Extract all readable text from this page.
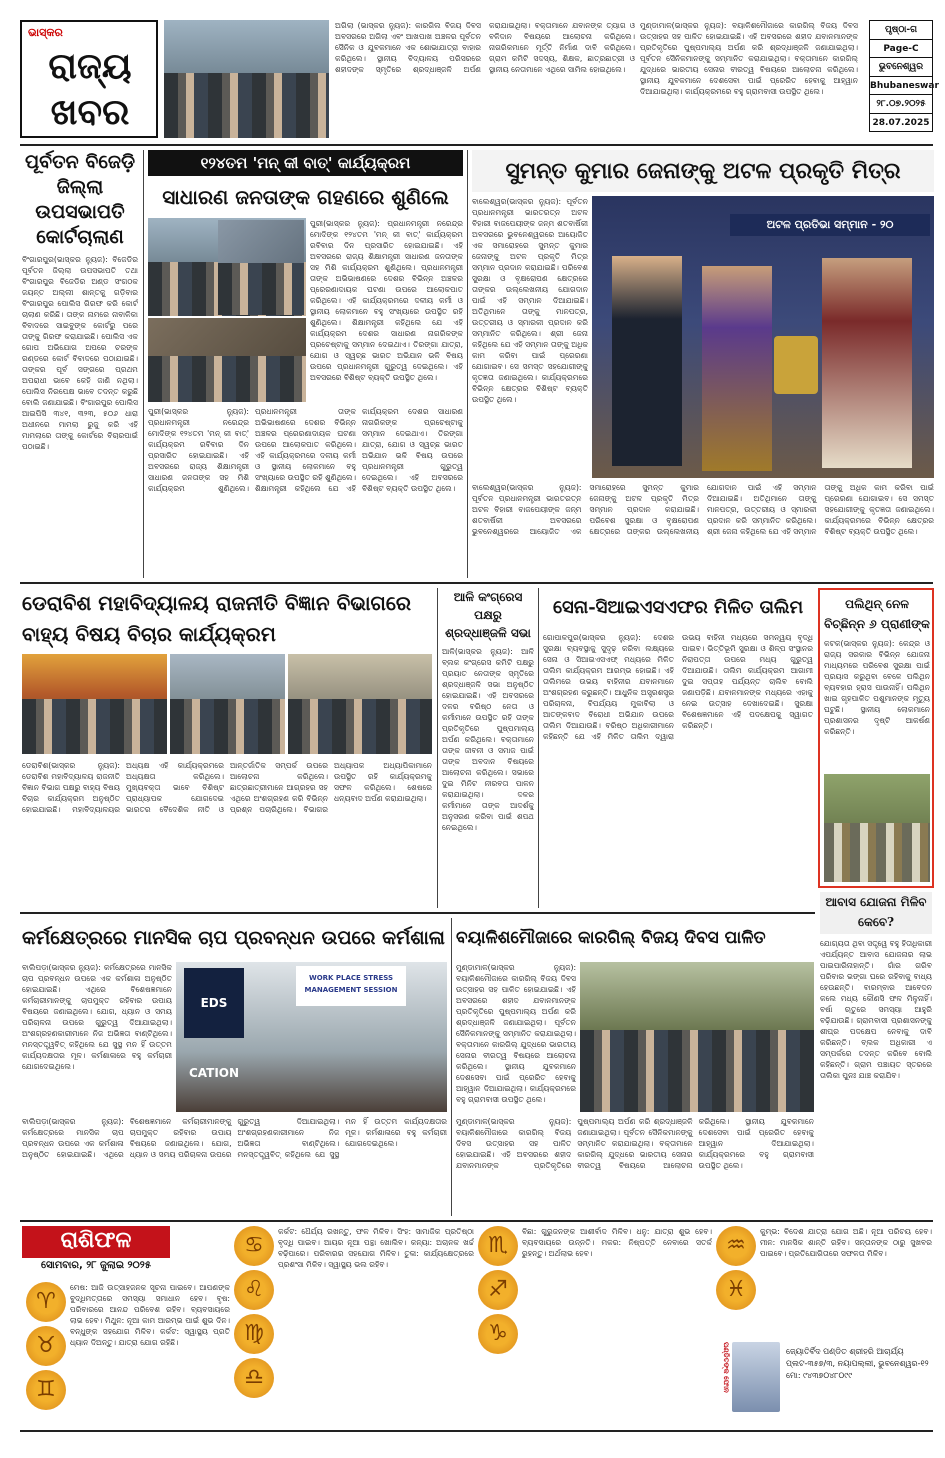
ଭାସ୍କର
ରାଜ୍ୟ
ଖବର
ଅଗିଲା (ଭାସ୍କର ନ୍ୟୁଜ): କାରଗିଲ ବିଜୟ ଦିବସ ଅବସରରେ ଅଗିଲା ଏବଂ ଆଖପାଖ ଅଞ୍ଚଳର ପୂର୍ବତନ ସୈନିକ ଓ ଯୁବକମାନେ ଏକ ଶୋଭାଯାତ୍ରା ବାହାର କରିଥିଲେ। ସ୍ଥାନୀୟ ବିଦ୍ୟାଳୟ ପରିସରରେ ଶହୀଦଙ୍କ ସ୍ମୃତିରେ ଶ୍ରଦ୍ଧାଞ୍ଜଳି ଅର୍ପଣ କରାଯାଇଥିଲା। ବକ୍ତାମାନେ ଯବାନଙ୍କ ତ୍ୟାଗ ଓ ବଳିଦାନ ବିଷୟରେ ଆଲୋଚନା କରିଥିଲେ। ନାଗରିକମାନେ ମୂର୍ତ୍ତି ନିର୍ମାଣ ଦାବି କରିଥିଲେ। ଗ୍ରାମ କମିଟି ସଦସ୍ୟ, ଶିକ୍ଷକ, ଛାତ୍ରଛାତ୍ରୀ ଓ ସ୍ଥାନୀୟ ନେତାମାନେ ଏଥିରେ ସାମିଲ ହୋଇଥିଲେ।
ମୁଣ୍ଡାମାଳ(ଭାସ୍କର ନ୍ୟୁଜ): ବୟାଳିଶମୌଜାରେ କାରଗିଲ୍ ବିଜୟ ଦିବସ ଉତ୍ସାହର ସହ ପାଳିତ ହୋଇଯାଇଛି। ଏହି ଅବସରରେ ଶହୀଦ ଯବାନମାନଙ୍କ ପ୍ରତିକୃତିରେ ପୁଷ୍ପମାଲ୍ୟ ଅର୍ପଣ କରି ଶ୍ରଦ୍ଧାଞ୍ଜଳି ଜଣାଯାଇଥିଲା। ପୂର୍ବତନ ସୈନିକମାନଙ୍କୁ ସମ୍ମାନିତ କରାଯାଇଥିଲା। ବକ୍ତାମାନେ କାରଗିଲ୍ ଯୁଦ୍ଧରେ ଭାରତୀୟ ସେନାର ବୀରତ୍ୱ ବିଷୟରେ ଆଲୋଚନା କରିଥିଲେ। ସ୍ଥାନୀୟ ଯୁବକମାନେ ଦେଶସେବା ପାଇଁ ପ୍ରେରିତ ହେବାକୁ ଆହ୍ୱାନ ଦିଆଯାଇଥିଲା। କାର୍ଯ୍ୟକ୍ରମରେ ବହୁ ଗ୍ରାମବାସୀ ଉପସ୍ଥିତ ଥିଲେ।
ପୃଷ୍ଠା-ଗ
Page-C
ଭୁବନେଶ୍ୱର
Bhubaneswar
୨୮.୦୭.୨୦୨୫
28.07.2025
ପୂର୍ବତନ ବିଜେଡ଼ି ଜିଲ୍ଲା ଉପସଭାପତି କୋର୍ଟଚାଲାଣ
ବିଂଗାରପୁର(ଭାସ୍କର ନ୍ୟୁଜ): ବିଜେଡିର ପୂର୍ବତନ ଜିଲ୍ଲା ଉପସଭାପତି ତଥା ବିଂଗାରପୁର ବିଜେଡିର ଅଣ୍ଡ ସଂଗଠକ ଜୟନ୍ତ ଅଲ୍ଲୀ ଶାନ୍ତକୁ ଗଡ଼ିବାର ବିଂଗାରପୁର ପୋଲିସ ଗିରଫ କରି କୋର୍ଟ ଚାଲାଣ କରିଛି। ତାଙ୍କ ନାମରେ ନାବାଳିକା ବିବାଦରେ ସାଇବୁଙ୍କ କୋର୍ଟରୁ ପରେ ତାଙ୍କୁ ଗିରଫ କରାଯାଇଛି। ପୋଲିସ ଏକ ଗୋପ ଅଭିଯୋଗ ଅପରେ ଚରଙ୍କ ରଣ୍ଡରେ କୋର୍ଟ ବିବାଦରେ ପଠାଯାଇଛି। ତାଙ୍କର ପୂର୍ବ ସଙ୍ଗରେ ପ୍ରଥମ ଅପରାଧୀ ଭାବେ କେହି ଜାଣି ନଥିଲା। ପୋଲିସ ନିରପେକ୍ଷ ଭାବେ ତଦନ୍ତ କରୁଛି ବୋଲି ଜଣାଯାଇଛି। ବିଂଗାରପୁର ପୋଲିସ ଆଇପିସି ୩୪୧, ୩୨୩, ୫୦୬ ଧାରା ଅଧୀନରେ ମାମଲା ରୁଜୁ କରି ଏହି ମାମଲାରେ ତାଙ୍କୁ କୋର୍ଟରେ ବିଚାରପାଇଁ ପଠାଇଛି।
୧୨୪ତମ 'ମନ୍ କୀ ବାତ୍' କାର୍ଯ୍ୟକ୍ରମ
ସାଧାରଣ ଜନତାଙ୍କ ଗହଣରେ ଶୁଣିଲେ
ପୁରୀ(ଭାସ୍କର ନ୍ୟୁଜ): ପ୍ରଧାନମନ୍ତ୍ରୀ ନରେନ୍ଦ୍ର ମୋଦିଙ୍କ ୧୨୪ତମ 'ମନ୍ କୀ ବାତ୍' କାର୍ଯ୍ୟକ୍ରମ ରବିବାର ଦିନ ପ୍ରସାରିତ ହୋଇଯାଇଛି। ଏହି ଅବସରରେ ରାଜ୍ୟ ଶିକ୍ଷାମନ୍ତ୍ରୀ ସାଧାରଣ ଜନତାଙ୍କ ସହ ମିଶି କାର୍ଯ୍ୟକ୍ରମ ଶୁଣିଥିଲେ। ପ୍ରଧାନମନ୍ତ୍ରୀ ତାଙ୍କ ଅଭିଭାଷଣରେ ଦେଶର ବିଭିନ୍ନ ଅଞ୍ଚଳର ପ୍ରେରଣାଦାୟକ ଘଟଣା ଉପରେ ଆଲୋକପାତ କରିଥିଲେ। ଏହି କାର୍ଯ୍ୟକ୍ରମରେ ଦଳୀୟ କର୍ମୀ ଓ ସ୍ଥାନୀୟ ଲୋକମାନେ ବହୁ ସଂଖ୍ୟାରେ ଉପସ୍ଥିତ ରହି ଶୁଣିଥିଲେ। ଶିକ୍ଷାମନ୍ତ୍ରୀ କହିଥିଲେ ଯେ ଏହି କାର୍ଯ୍ୟକ୍ରମ ଦେଶର ସାଧାରଣ ନାଗରିକଙ୍କ ପ୍ରଚେଷ୍ଟାକୁ ସମ୍ମାନ ଦେଇଥାଏ। ତିରଙ୍ଗା ଯାତ୍ରା, ଯୋଗ ଓ ସ୍ୱଚ୍ଛ ଭାରତ ଅଭିଯାନ ଭଳି ବିଷୟ ଉପରେ ପ୍ରଧାନମନ୍ତ୍ରୀ ଗୁରୁତ୍ୱ ଦେଇଥିଲେ। ଏହି ଅବସରରେ ବିଶିଷ୍ଟ ବ୍ୟକ୍ତି ଉପସ୍ଥିତ ଥିଲେ।
ପୁରୀ(ଭାସ୍କର ନ୍ୟୁଜ): ପ୍ରଧାନମନ୍ତ୍ରୀ ନରେନ୍ଦ୍ର ମୋଦିଙ୍କ ୧୨୪ତମ 'ମନ୍ କୀ ବାତ୍' କାର୍ଯ୍ୟକ୍ରମ ରବିବାର ଦିନ ପ୍ରସାରିତ ହୋଇଯାଇଛି। ଏହି ଅବସରରେ ରାଜ୍ୟ ଶିକ୍ଷାମନ୍ତ୍ରୀ ସାଧାରଣ ଜନତାଙ୍କ ସହ ମିଶି କାର୍ଯ୍ୟକ୍ରମ ଶୁଣିଥିଲେ। ପ୍ରଧାନମନ୍ତ୍ରୀ ତାଙ୍କ ଅଭିଭାଷଣରେ ଦେଶର ବିଭିନ୍ନ ଅଞ୍ଚଳର ପ୍ରେରଣାଦାୟକ ଘଟଣା ଉପରେ ଆଲୋକପାତ କରିଥିଲେ। ଏହି କାର୍ଯ୍ୟକ୍ରମରେ ଦଳୀୟ କର୍ମୀ ଓ ସ୍ଥାନୀୟ ଲୋକମାନେ ବହୁ ସଂଖ୍ୟାରେ ଉପସ୍ଥିତ ରହି ଶୁଣିଥିଲେ। ଶିକ୍ଷାମନ୍ତ୍ରୀ କହିଥିଲେ ଯେ ଏହି କାର୍ଯ୍ୟକ୍ରମ ଦେଶର ସାଧାରଣ ନାଗରିକଙ୍କ ପ୍ରଚେଷ୍ଟାକୁ ସମ୍ମାନ ଦେଇଥାଏ। ତିରଙ୍ଗା ଯାତ୍ରା, ଯୋଗ ଓ ସ୍ୱଚ୍ଛ ଭାରତ ଅଭିଯାନ ଭଳି ବିଷୟ ଉପରେ ପ୍ରଧାନମନ୍ତ୍ରୀ ଗୁରୁତ୍ୱ ଦେଇଥିଲେ। ଏହି ଅବସରରେ ବିଶିଷ୍ଟ ବ୍ୟକ୍ତି ଉପସ୍ଥିତ ଥିଲେ।
ସୁମନ୍ତ କୁମାର ଜେନାଙ୍କୁ ଅଟଳ ପ୍ରକୃତି ମିତ୍ର
ବାଲେଶ୍ୱର(ଭାସ୍କର ନ୍ୟୁଜ): ପୂର୍ବତନ ପ୍ରଧାନମନ୍ତ୍ରୀ ଭାରତରତ୍ନ ଅଟଳ ବିହାରୀ ବାଜପେୟୀଙ୍କ ଜନ୍ମ ଶତବାର୍ଷିକୀ ଅବସରରେ ଭୁବନେଶ୍ୱରରେ ଆୟୋଜିତ ଏକ ସମାରୋହରେ ସୁମନ୍ତ କୁମାର ଜେନାଙ୍କୁ ଅଟଳ ପ୍ରକୃତି ମିତ୍ର ସମ୍ମାନ ପ୍ରଦାନ କରାଯାଇଛି। ପରିବେଶ ସୁରକ୍ଷା ଓ ବୃକ୍ଷରୋପଣ କ୍ଷେତ୍ରରେ ତାଙ୍କର ଉଲ୍ଲେଖନୀୟ ଯୋଗଦାନ ପାଇଁ ଏହି ସମ୍ମାନ ଦିଆଯାଇଛି। ଅତିଥିମାନେ ତାଙ୍କୁ ମାନପତ୍ର, ଉତ୍ତରୀୟ ଓ ସ୍ମାରକୀ ପ୍ରଦାନ କରି ସମ୍ମାନିତ କରିଥିଲେ। ଶ୍ରୀ ଜେନା କହିଥିଲେ ଯେ ଏହି ସମ୍ମାନ ତାଙ୍କୁ ଅଧିକ କାମ କରିବା ପାଇଁ ପ୍ରେରଣା ଯୋଗାଇବ। ସେ ସମସ୍ତ ସହଯୋଗୀଙ୍କୁ କୃତଜ୍ଞତା ଜଣାଇଥିଲେ। କାର୍ଯ୍ୟକ୍ରମରେ ବିଭିନ୍ନ କ୍ଷେତ୍ରର ବିଶିଷ୍ଟ ବ୍ୟକ୍ତି ଉପସ୍ଥିତ ଥିଲେ।
ଅଟଳ ପ୍ରତିଭା ସମ୍ମାନ - ୨୦
ବାଲେଶ୍ୱର(ଭାସ୍କର ନ୍ୟୁଜ): ପୂର୍ବତନ ପ୍ରଧାନମନ୍ତ୍ରୀ ଭାରତରତ୍ନ ଅଟଳ ବିହାରୀ ବାଜପେୟୀଙ୍କ ଜନ୍ମ ଶତବାର୍ଷିକୀ ଅବସରରେ ଭୁବନେଶ୍ୱରରେ ଆୟୋଜିତ ଏକ ସମାରୋହରେ ସୁମନ୍ତ କୁମାର ଜେନାଙ୍କୁ ଅଟଳ ପ୍ରକୃତି ମିତ୍ର ସମ୍ମାନ ପ୍ରଦାନ କରାଯାଇଛି। ପରିବେଶ ସୁରକ୍ଷା ଓ ବୃକ୍ଷରୋପଣ କ୍ଷେତ୍ରରେ ତାଙ୍କର ଉଲ୍ଲେଖନୀୟ ଯୋଗଦାନ ପାଇଁ ଏହି ସମ୍ମାନ ଦିଆଯାଇଛି। ଅତିଥିମାନେ ତାଙ୍କୁ ମାନପତ୍ର, ଉତ୍ତରୀୟ ଓ ସ୍ମାରକୀ ପ୍ରଦାନ କରି ସମ୍ମାନିତ କରିଥିଲେ। ଶ୍ରୀ ଜେନା କହିଥିଲେ ଯେ ଏହି ସମ୍ମାନ ତାଙ୍କୁ ଅଧିକ କାମ କରିବା ପାଇଁ ପ୍ରେରଣା ଯୋଗାଇବ। ସେ ସମସ୍ତ ସହଯୋଗୀଙ୍କୁ କୃତଜ୍ଞତା ଜଣାଇଥିଲେ। କାର୍ଯ୍ୟକ୍ରମରେ ବିଭିନ୍ନ କ୍ଷେତ୍ରର ବିଶିଷ୍ଟ ବ୍ୟକ୍ତି ଉପସ୍ଥିତ ଥିଲେ।
ଡେରାବିଶ ମହାବିଦ୍ୟାଳୟ ରାଜନୀତି ବିଜ୍ଞାନ ବିଭାଗରେ ବାହ୍ୟ ବିଷୟ ବିଚାର କାର୍ଯ୍ୟକ୍ରମ
ଡେରାବିଶ(ଭାସ୍କର ନ୍ୟୁଜ): ଡେରାବିଶ ମହାବିଦ୍ୟାଳୟ ରାଜନୀତି ବିଜ୍ଞାନ ବିଭାଗ ପକ୍ଷରୁ ବାହ୍ୟ ବିଷୟ ବିଚାର କାର୍ଯ୍ୟକ୍ରମ ଅନୁଷ୍ଠିତ ହୋଇଯାଇଛି। ମହାବିଦ୍ୟାଳୟର ଅଧ୍ୟକ୍ଷ ଏହି କାର୍ଯ୍ୟକ୍ରମରେ ଅଧ୍ୟକ୍ଷତା କରିଥିଲେ। ମୁଖ୍ୟବକ୍ତା ଭାବେ ବିଶିଷ୍ଟ ପ୍ରାଧ୍ୟାପକ ଯୋଗଦେଇ ଭାରତର ବୈଦେଶିକ ନୀତି ଓ ଆନ୍ତର୍ଜାତିକ ସମ୍ପର୍କ ଉପରେ ଆଲୋଚନା କରିଥିଲେ। ଛାତ୍ରଛାତ୍ରୀମାନେ ଆଗ୍ରହର ସହ ଏଥିରେ ଅଂଶଗ୍ରହଣ କରି ବିଭିନ୍ନ ପ୍ରଶ୍ନ ପଚାରିଥିଲେ। ବିଭାଗର ଅଧ୍ୟାପକ ଅଧ୍ୟାପିକାମାନେ ଉପସ୍ଥିତ ରହି କାର୍ଯ୍ୟକ୍ରମକୁ ସଫଳ କରିଥିଲେ। ଶେଷରେ ଧନ୍ୟବାଦ ଅର୍ପଣ କରାଯାଇଥିଲା।
ଆଳି କଂଗ୍ରେସ ପକ୍ଷରୁ ଶ୍ରଦ୍ଧାଞ୍ଜଳି ସଭା
ଆଳି(ଭାସ୍କର ନ୍ୟୁଜ): ଆଳି ବ୍ଲକ କଂଗ୍ରେସ କମିଟି ପକ୍ଷରୁ ପ୍ରୟାତ ନେତାଙ୍କ ସ୍ମୃତିରେ ଶ୍ରଦ୍ଧାଞ୍ଜଳି ସଭା ଅନୁଷ୍ଠିତ ହୋଇଯାଇଛି। ଏହି ଅବସରରେ ଦଳର ବରିଷ୍ଠ ନେତା ଓ କର୍ମୀମାନେ ଉପସ୍ଥିତ ରହି ତାଙ୍କ ପ୍ରତିକୃତିରେ ପୁଷ୍ପମାଲ୍ୟ ଅର୍ପଣ କରିଥିଲେ। ବକ୍ତାମାନେ ତାଙ୍କ ଜୀବନୀ ଓ ସମାଜ ପାଇଁ ତାଙ୍କ ଅବଦାନ ବିଷୟରେ ଆଲୋଚନା କରିଥିଲେ। ସଭାରେ ଦୁଇ ମିନିଟ ନୀରବତା ପାଳନ କରାଯାଇଥିଲା। ଦଳର କର୍ମୀମାନେ ତାଙ୍କ ଆଦର୍ଶକୁ ଅନୁସରଣ କରିବା ପାଇଁ ଶପଥ ନେଇଥିଲେ।
ସେନା-ସିଆଇଏସଏଫର ମିଳିତ ତାଲିମ
ଗୋପାଳପୁର(ଭାସ୍କର ନ୍ୟୁଜ): ଦେଶର ସୁରକ୍ଷା ବ୍ୟବସ୍ଥାକୁ ସୁଦୃଢ଼ କରିବା ଲକ୍ଷ୍ୟରେ ସେନା ଓ ସିଆଇଏସଏଫ୍ ମଧ୍ୟରେ ମିଳିତ ତାଲିମ କାର୍ଯ୍ୟକ୍ରମ ଆରମ୍ଭ ହୋଇଛି। ଏହି ତାଲିମରେ ଉଭୟ ବାହିନୀର ଯବାନମାନେ ଅଂଶଗ୍ରହଣ କରୁଛନ୍ତି। ଆଧୁନିକ ଅସ୍ତ୍ରଶସ୍ତ୍ର ପରିଚାଳନା, ବିପର୍ଯ୍ୟୟ ମୁକାବିଲା ଓ ଆତଙ୍କବାଦ ବିରୋଧୀ ଅଭିଯାନ ଉପରେ ତାଲିମ ଦିଆଯାଉଛି। ବରିଷ୍ଠ ଅଧିକାରୀମାନେ କହିଛନ୍ତି ଯେ ଏହି ମିଳିତ ତାଲିମ ଦ୍ୱାରା ଉଭୟ ବାହିନୀ ମଧ୍ୟରେ ସମନ୍ୱୟ ବୃଦ୍ଧି ପାଇବ। ଭିତ୍ତିଭୂମି ସୁରକ୍ଷା ଓ ଶିଳ୍ପ ସଂସ୍ଥାନର ନିରାପତ୍ତା ଉପରେ ମଧ୍ୟ ଗୁରୁତ୍ୱ ଦିଆଯାଉଛି। ତାଲିମ କାର୍ଯ୍ୟକ୍ରମ ଆଗାମୀ ଦୁଇ ସପ୍ତାହ ପର୍ଯ୍ୟନ୍ତ ଚାଲିବ ବୋଲି ଜଣାପଡ଼ିଛି। ଯବାନମାନଙ୍କ ମଧ୍ୟରେ ଏହାକୁ ନେଇ ଉତ୍ସାହ ଦେଖାଦେଇଛି। ସୁରକ୍ଷା ବିଶେଷଜ୍ଞମାନେ ଏହି ପଦକ୍ଷେପକୁ ସ୍ୱାଗତ କରିଛନ୍ତି।
ପଲିଥିନ୍ ନେଳ ବିଚ୍ଛିନ୍ନ ୬ ପ୍ରାଣୀଙ୍କ
କଟକ(ଭାସ୍କର ନ୍ୟୁଜ): କେନ୍ଦ୍ର ଓ ରାଜ୍ୟ ସରକାର ବିଭିନ୍ନ ଯୋଜନା ମାଧ୍ୟମରେ ପରିବେଶ ସୁରକ୍ଷା ପାଇଁ ପ୍ରୟାସ କରୁଥିବା ବେଳେ ପଲିଥିନ ବ୍ୟବହାର ହ୍ରାସ ପାଉନାହିଁ। ପଲିଥିନ ଖାଇ ଗୃହପାଳିତ ପଶୁମାନଙ୍କ ମୃତ୍ୟୁ ଘଟୁଛି। ସ୍ଥାନୀୟ ଲୋକମାନେ ପ୍ରଶାସନର ଦୃଷ୍ଟି ଆକର୍ଷଣ କରିଛନ୍ତି।
ଆବାସ ଯୋଜନା ମିଳିବ କେବେ?
ଯୋଗ୍ୟତା ଥିବା ସତ୍ତ୍ୱେ ବହୁ ହିତାଧିକାରୀ ଏପର୍ଯ୍ୟନ୍ତ ଆବାସ ଯୋଜନାର ଲାଭ ପାଇପାରିନାହାନ୍ତି। ଗାଁର ଗରିବ ପରିବାର ଭଙ୍ଗା ଘରେ ରହିବାକୁ ବାଧ୍ୟ ହେଉଛନ୍ତି। ବାରମ୍ବାର ଆବେଦନ କଲେ ମଧ୍ୟ କୌଣସି ଫଳ ମିଳୁନାହିଁ। ବର୍ଷା ଋତୁରେ ସମସ୍ୟା ଆହୁରି ବଢ଼ିଯାଉଛି। ଗ୍ରାମବାସୀ ପ୍ରଶାସନଙ୍କୁ ଶୀଘ୍ର ପଦକ୍ଷେପ ନେବାକୁ ଦାବି କରିଛନ୍ତି। ବ୍ଲକ ଅଧିକାରୀ ଏ ସମ୍ପର୍କରେ ତଦନ୍ତ କରିବେ ବୋଲି କହିଛନ୍ତି। ଗ୍ରାମ ପଞ୍ଚାୟତ ସ୍ତରରେ ତାଲିକା ପୁନଃ ଯାଞ୍ଚ କରାଯିବ।
କର୍ମକ୍ଷେତ୍ରରେ ମାନସିକ ଚାପ ପ୍ରବନ୍ଧନ ଉପରେ କର୍ମଶାଳା
ବାଲିପଡ଼ା(ଭାସ୍କର ନ୍ୟୁଜ): କର୍ମକ୍ଷେତ୍ରରେ ମାନସିକ ଚାପ ପ୍ରବନ୍ଧନ ଉପରେ ଏକ କର୍ମଶାଳା ଅନୁଷ୍ଠିତ ହୋଇଯାଇଛି। ଏଥିରେ ବିଶେଷଜ୍ଞମାନେ କର୍ମଚାରୀମାନଙ୍କୁ ଚାପମୁକ୍ତ ରହିବାର ଉପାୟ ବିଷୟରେ ଜଣାଇଥିଲେ। ଯୋଗ, ଧ୍ୟାନ ଓ ସମୟ ପରିଚାଳନା ଉପରେ ଗୁରୁତ୍ୱ ଦିଆଯାଇଥିଲା। ଅଂଶଗ୍ରହଣକାରୀମାନେ ନିଜ ଅଭିଜ୍ଞତା ବାଣ୍ଟିଥିଲେ। ମନସ୍ତତ୍ତ୍ୱବିତ୍ କହିଥିଲେ ଯେ ସୁସ୍ଥ ମନ ହିଁ ଉତ୍ତମ କାର୍ଯ୍ୟଦକ୍ଷତାର ମୂଳ। କର୍ମଶାଳାରେ ବହୁ କର୍ମଚାରୀ ଯୋଗଦେଇଥିଲେ।
EDS CATION
WORK PLACE STRESS MANAGEMENT SESSION
ବାଲିପଡ଼ା(ଭାସ୍କର ନ୍ୟୁଜ): କର୍ମକ୍ଷେତ୍ରରେ ମାନସିକ ଚାପ ପ୍ରବନ୍ଧନ ଉପରେ ଏକ କର୍ମଶାଳା ଅନୁଷ୍ଠିତ ହୋଇଯାଇଛି। ଏଥିରେ ବିଶେଷଜ୍ଞମାନେ କର୍ମଚାରୀମାନଙ୍କୁ ଚାପମୁକ୍ତ ରହିବାର ଉପାୟ ବିଷୟରେ ଜଣାଇଥିଲେ। ଯୋଗ, ଧ୍ୟାନ ଓ ସମୟ ପରିଚାଳନା ଉପରେ ଗୁରୁତ୍ୱ ଦିଆଯାଇଥିଲା। ଅଂଶଗ୍ରହଣକାରୀମାନେ ନିଜ ଅଭିଜ୍ଞତା ବାଣ୍ଟିଥିଲେ। ମନସ୍ତତ୍ତ୍ୱବିତ୍ କହିଥିଲେ ଯେ ସୁସ୍ଥ ମନ ହିଁ ଉତ୍ତମ କାର୍ଯ୍ୟଦକ୍ଷତାର ମୂଳ। କର୍ମଶାଳାରେ ବହୁ କର୍ମଚାରୀ ଯୋଗଦେଇଥିଲେ।
ବୟାଳିଶମୌଜାରେ କାରଗିଲ୍ ବିଜୟ ଦିବସ ପାଳିତ
ମୁଣ୍ଡାମାଳ(ଭାସ୍କର ନ୍ୟୁଜ): ବୟାଳିଶମୌଜାରେ କାରଗିଲ୍ ବିଜୟ ଦିବସ ଉତ୍ସାହର ସହ ପାଳିତ ହୋଇଯାଇଛି। ଏହି ଅବସରରେ ଶହୀଦ ଯବାନମାନଙ୍କ ପ୍ରତିକୃତିରେ ପୁଷ୍ପମାଲ୍ୟ ଅର୍ପଣ କରି ଶ୍ରଦ୍ଧାଞ୍ଜଳି ଜଣାଯାଇଥିଲା। ପୂର୍ବତନ ସୈନିକମାନଙ୍କୁ ସମ୍ମାନିତ କରାଯାଇଥିଲା। ବକ୍ତାମାନେ କାରଗିଲ୍ ଯୁଦ୍ଧରେ ଭାରତୀୟ ସେନାର ବୀରତ୍ୱ ବିଷୟରେ ଆଲୋଚନା କରିଥିଲେ। ସ୍ଥାନୀୟ ଯୁବକମାନେ ଦେଶସେବା ପାଇଁ ପ୍ରେରିତ ହେବାକୁ ଆହ୍ୱାନ ଦିଆଯାଇଥିଲା। କାର୍ଯ୍ୟକ୍ରମରେ ବହୁ ଗ୍ରାମବାସୀ ଉପସ୍ଥିତ ଥିଲେ।
ମୁଣ୍ଡାମାଳ(ଭାସ୍କର ନ୍ୟୁଜ): ବୟାଳିଶମୌଜାରେ କାରଗିଲ୍ ବିଜୟ ଦିବସ ଉତ୍ସାହର ସହ ପାଳିତ ହୋଇଯାଇଛି। ଏହି ଅବସରରେ ଶହୀଦ ଯବାନମାନଙ୍କ ପ୍ରତିକୃତିରେ ପୁଷ୍ପମାଲ୍ୟ ଅର୍ପଣ କରି ଶ୍ରଦ୍ଧାଞ୍ଜଳି ଜଣାଯାଇଥିଲା। ପୂର୍ବତନ ସୈନିକମାନଙ୍କୁ ସମ୍ମାନିତ କରାଯାଇଥିଲା। ବକ୍ତାମାନେ କାରଗିଲ୍ ଯୁଦ୍ଧରେ ଭାରତୀୟ ସେନାର ବୀରତ୍ୱ ବିଷୟରେ ଆଲୋଚନା କରିଥିଲେ। ସ୍ଥାନୀୟ ଯୁବକମାନେ ଦେଶସେବା ପାଇଁ ପ୍ରେରିତ ହେବାକୁ ଆହ୍ୱାନ ଦିଆଯାଇଥିଲା। କାର୍ଯ୍ୟକ୍ରମରେ ବହୁ ଗ୍ରାମବାସୀ ଉପସ୍ଥିତ ଥିଲେ।
ରାଶିଫଳ
ସୋମବାର, ୨୮ ଜୁଲାଇ ୨୦୨୫
♈
♉
♊
ମେଷ: ଆଜି ଉତ୍ସାହଜନକ ସୂଚନା ପାଇବେ। ଆପଣଙ୍କ ବୁଦ୍ଧିମତ୍ତାରେ ସମସ୍ୟା ସମାଧାନ ହେବ। ବୃଷ: ପରିବାରରେ ଆନନ୍ଦ ପରିବେଶ ରହିବ। ବ୍ୟବସାୟରେ ଲାଭ ହେବ। ମିଥୁନ: ନୂଆ କାମ ଆରମ୍ଭ ପାଇଁ ଶୁଭ ଦିନ। ବନ୍ଧୁଙ୍କ ସହଯୋଗ ମିଳିବ। କର୍କଟ: ସ୍ୱାସ୍ଥ୍ୟ ପ୍ରତି ଧ୍ୟାନ ଦିଅନ୍ତୁ। ଯାତ୍ରା ଯୋଗ ରହିଛି।
♋
♌
♍
♎
କର୍କଟ: ଧୈର୍ଯ୍ୟ ରଖନ୍ତୁ, ଫଳ ମିଳିବ। ସିଂହ: ସାମାଜିକ ପ୍ରତିଷ୍ଠା ବୃଦ୍ଧି ପାଇବ। ଆୟର ନୂଆ ପନ୍ଥା ଖୋଲିବ। କନ୍ୟା: ଅଚାନକ ଖର୍ଚ୍ଚ ବଢ଼ିପାରେ। ପରିବାରର ସହଯୋଗ ମିଳିବ। ତୁଳା: କାର୍ଯ୍ୟକ୍ଷେତ୍ରରେ ପ୍ରଶଂସା ମିଳିବ। ସ୍ୱାସ୍ଥ୍ୟ ଭଲ ରହିବ।
♏
♐
♑
ବିଛା: ଗୁରୁଜନଙ୍କ ଆଶୀର୍ବାଦ ମିଳିବ। ଧନୁ: ଯାତ୍ରା ଶୁଭ ହେବ। ବ୍ୟବସାୟରେ ଉନ୍ନତି। ମକର: ନିଷ୍ପତ୍ତି ନେବାରେ ସତର୍କ ରୁହନ୍ତୁ। ଅର୍ଥଲାଭ ହେବ।	♒
♓
କୁମ୍ଭ: ବିଦେଶ ଯାତ୍ରା ଯୋଗ ଅଛି। ନୂଆ ପରିଚୟ ହେବ। ମୀନ: ମାନସିକ ଶାନ୍ତି ରହିବ। ସନ୍ତାନଙ୍କ ଠାରୁ ସୁଖବର ପାଇବେ। ପ୍ରତିଯୋଗିତାରେ ସଫଳତା ମିଳିବ।
ପଣ୍ଡିତଙ୍କ ଫୋନ	ଜ୍ୟୋତିର୍ବିଦ ପଣ୍ଡିତ ଶ୍ରୀହରି ଆଚାର୍ଯ୍ୟ
ପ୍ଲଟ-୩୫୭/୩, ନୟାପଲ୍ଲୀ, ଭୁବନେଶ୍ୱର-୧୨
ମୋ: ୯୪୩୭୦୪୮୦୯୯
